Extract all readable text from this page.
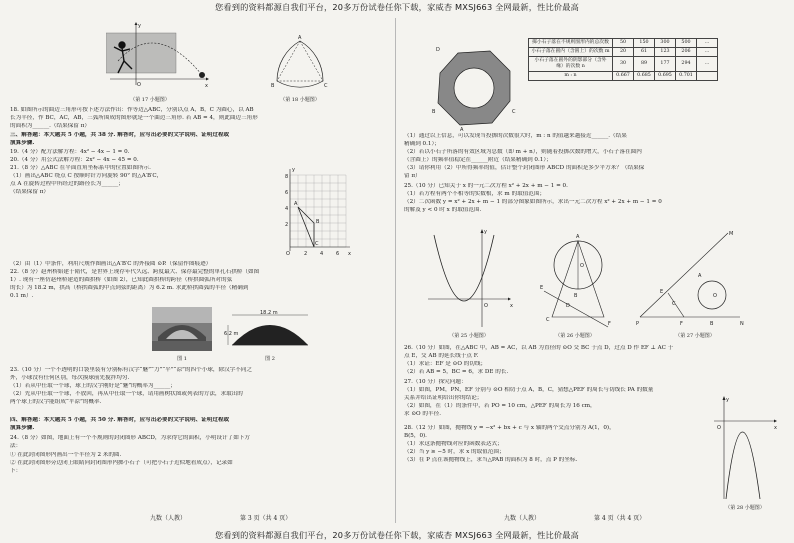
您看到的资料都源自我们平台，20多万份试卷任你下载，家威杏 MXSJ663 全网最新，性比价最高
O	x
y
（第 17 小题图）
A
B	C
（第 18 小题图）
18. 如图所示的曲边三角形可按下述方法作出：作等边△ABC，分别以点 A，B，C 为圆心，以 AB
长为半径，作 BC，AC，AB，三弧所围成的图形就是一个曲边三角形. 若 AB = 4，则此曲边三角形
的面积为______.（结果保留 π）
三、解答题：本大题共 5 小题，共 38 分. 解答时，应写出必要的文字说明、证明过程或
演算步骤.
19.（4 分）配方法解方程：4x² − 4x − 1 = 0.
20.（4 分）用公式法解方程：2x² − 4x − 45 = 0.
21.（8 分）△ABC 在平面直角坐标系中的位置如图所示.
（1）画出△ABC 绕点 C 按顺时针方向旋转 90° 的△A′B′C，
点 A 在旋转过程中所经过的路径长为______；
（结果保留 π）
（2）由（1）中条件，利用尺规作图画出△A′B′C 的外接圆 ⊙P.（保留作图痕迹）
A
B
C
8
6
4
2
O	2	4	6 x
y
22.（8 分）赵州桥始建于隋代，是世界上现存年代久远、跨度最大、保存最完整的单孔石拱桥（如图
1）. 现有一座仿赵州桥建造的圆拱桥（如图 2），已知此圆拱桥的跨径（桥拱圆弧所对的弦
的长）为 18.2 m，拱高（桥拱圆弧的中点到弦的距离）为 6.2 m. 求此桥拱圆弧的半径（精确到
0.1 m）.
图 1
18.2 m
6.2 m
图 2
23.（10 分）一个不透明的口袋里装有分别标有汉字“魅”“力”“平”“凉”的四个小球，除汉字不同之
外，小球没有任何区别，每次摸球前先搅拌均匀.
（1）若从中任取一个球，球上的汉字刚好是“魅”的概率为______；
（2）先从中任取一个球，不放回，再从中任取一个球，请用画树状图或列表的方法，求取出的
两个球上的汉字能组成“平凉”的概率.
四、解答题：本大题共 5 小题，共 50 分. 解答时，应写出必要的文字说明、证明过程或
演算步骤.
24.（8 分）如图，地面上有一个不规则的封闭图形 ABCD，为求得它的面积，小明设计了如下方
法：
① 在此封闭图形内画出一个半径为 2 米的圆.
② 在此封闭图形旁边闭上眼睛向封闭图形内掷小石子（可把小石子近似地看成点），记录如
下：
九数（人教）	第 3 页（共 4 页）
D
C
B
A
掷小石子落在不规则图形内的总次数	50	150	300	500	…
小石子落在圆内（含圆上）的次数 m	20	61	123	206	…
小石子落在圆外的阴影部分（含外缘）的次数 n	30	89	177	294	…
m : n	0.667	0.685	0.695	0.701	
（1）通过以上信息，可以发现当投掷的次数很大时，m : n 的值越来越接近______.（结果
精确到 0.1）；
（2）若以小石子所落的有效区域为总数（即 m + n），则随着投掷次数的增大，小石子落在圆内
（含圆上）的频率值稳定在______附近（结果精确到 0.1）；
（3）请你利用（2）中所得频率的值，估计整个封闭图形 ABCD 的面积是多少平方米？（结果保
留 π）
25.（10 分）已知关于 x 的一元二次方程 x² + 2x + m − 1 = 0.
（1）若方程有两个不相等的实数根，求 m 的取值范围；
（2）二次函数 y = x² + 2x + m − 1 的部分图象如图所示，求出一元二次方程 x² + 2x + m − 1 = 0
的解及 y < 0 时 x 的取值范围.
x
y
O
（第 25 小题图）
A
O
B
C
D
E
F
（第 26 小题图）
P
M
N
E
F
A
B
C
O
（第 27 小题图）
26.（10 分）如图，在△ABC 中，AB = AC，以 AB 为直径的 ⊙O 交 BC 于点 D，过点 D 作 EF ⊥ AC 于
点 E，交 AB 的延长线于点 F.
（1）求证：EF 是 ⊙O 的切线；
（2）若 AB = 5，BC = 6，求 DE 的长.
27.（10 分）探究问题：
（1）如图，PM，PN，EF 分别与 ⊙O 相切于点 A，B，C，猜想△PEF 的周长与切线长 PA 的数量
关系并给出证明给出你的结论；
（2）如图，在（1）的条件中，若 PO = 10 cm，△PEF 的周长为 16 cm，
求 ⊙O 的半径.
28.（12 分）如图，抛物线 y = −x² + bx + c 与 x 轴的两个交点分别为 A(1，0)，
B(5，0).
（1）求这条抛物线对应的函数表达式；
（2）当 y ≥ −5 时，求 x 的取值范围；
（3）在 P 点在该抛物线上，求当△PAB 的面积为 8 时，点 P 的坐标.
x
y
O
（第 28 小题图）
九数（人教）	第 4 页（共 4 页）
您看到的资料都源自我们平台，20多万份试卷任你下载，家威杏 MXSJ663 全网最新，性比价最高
